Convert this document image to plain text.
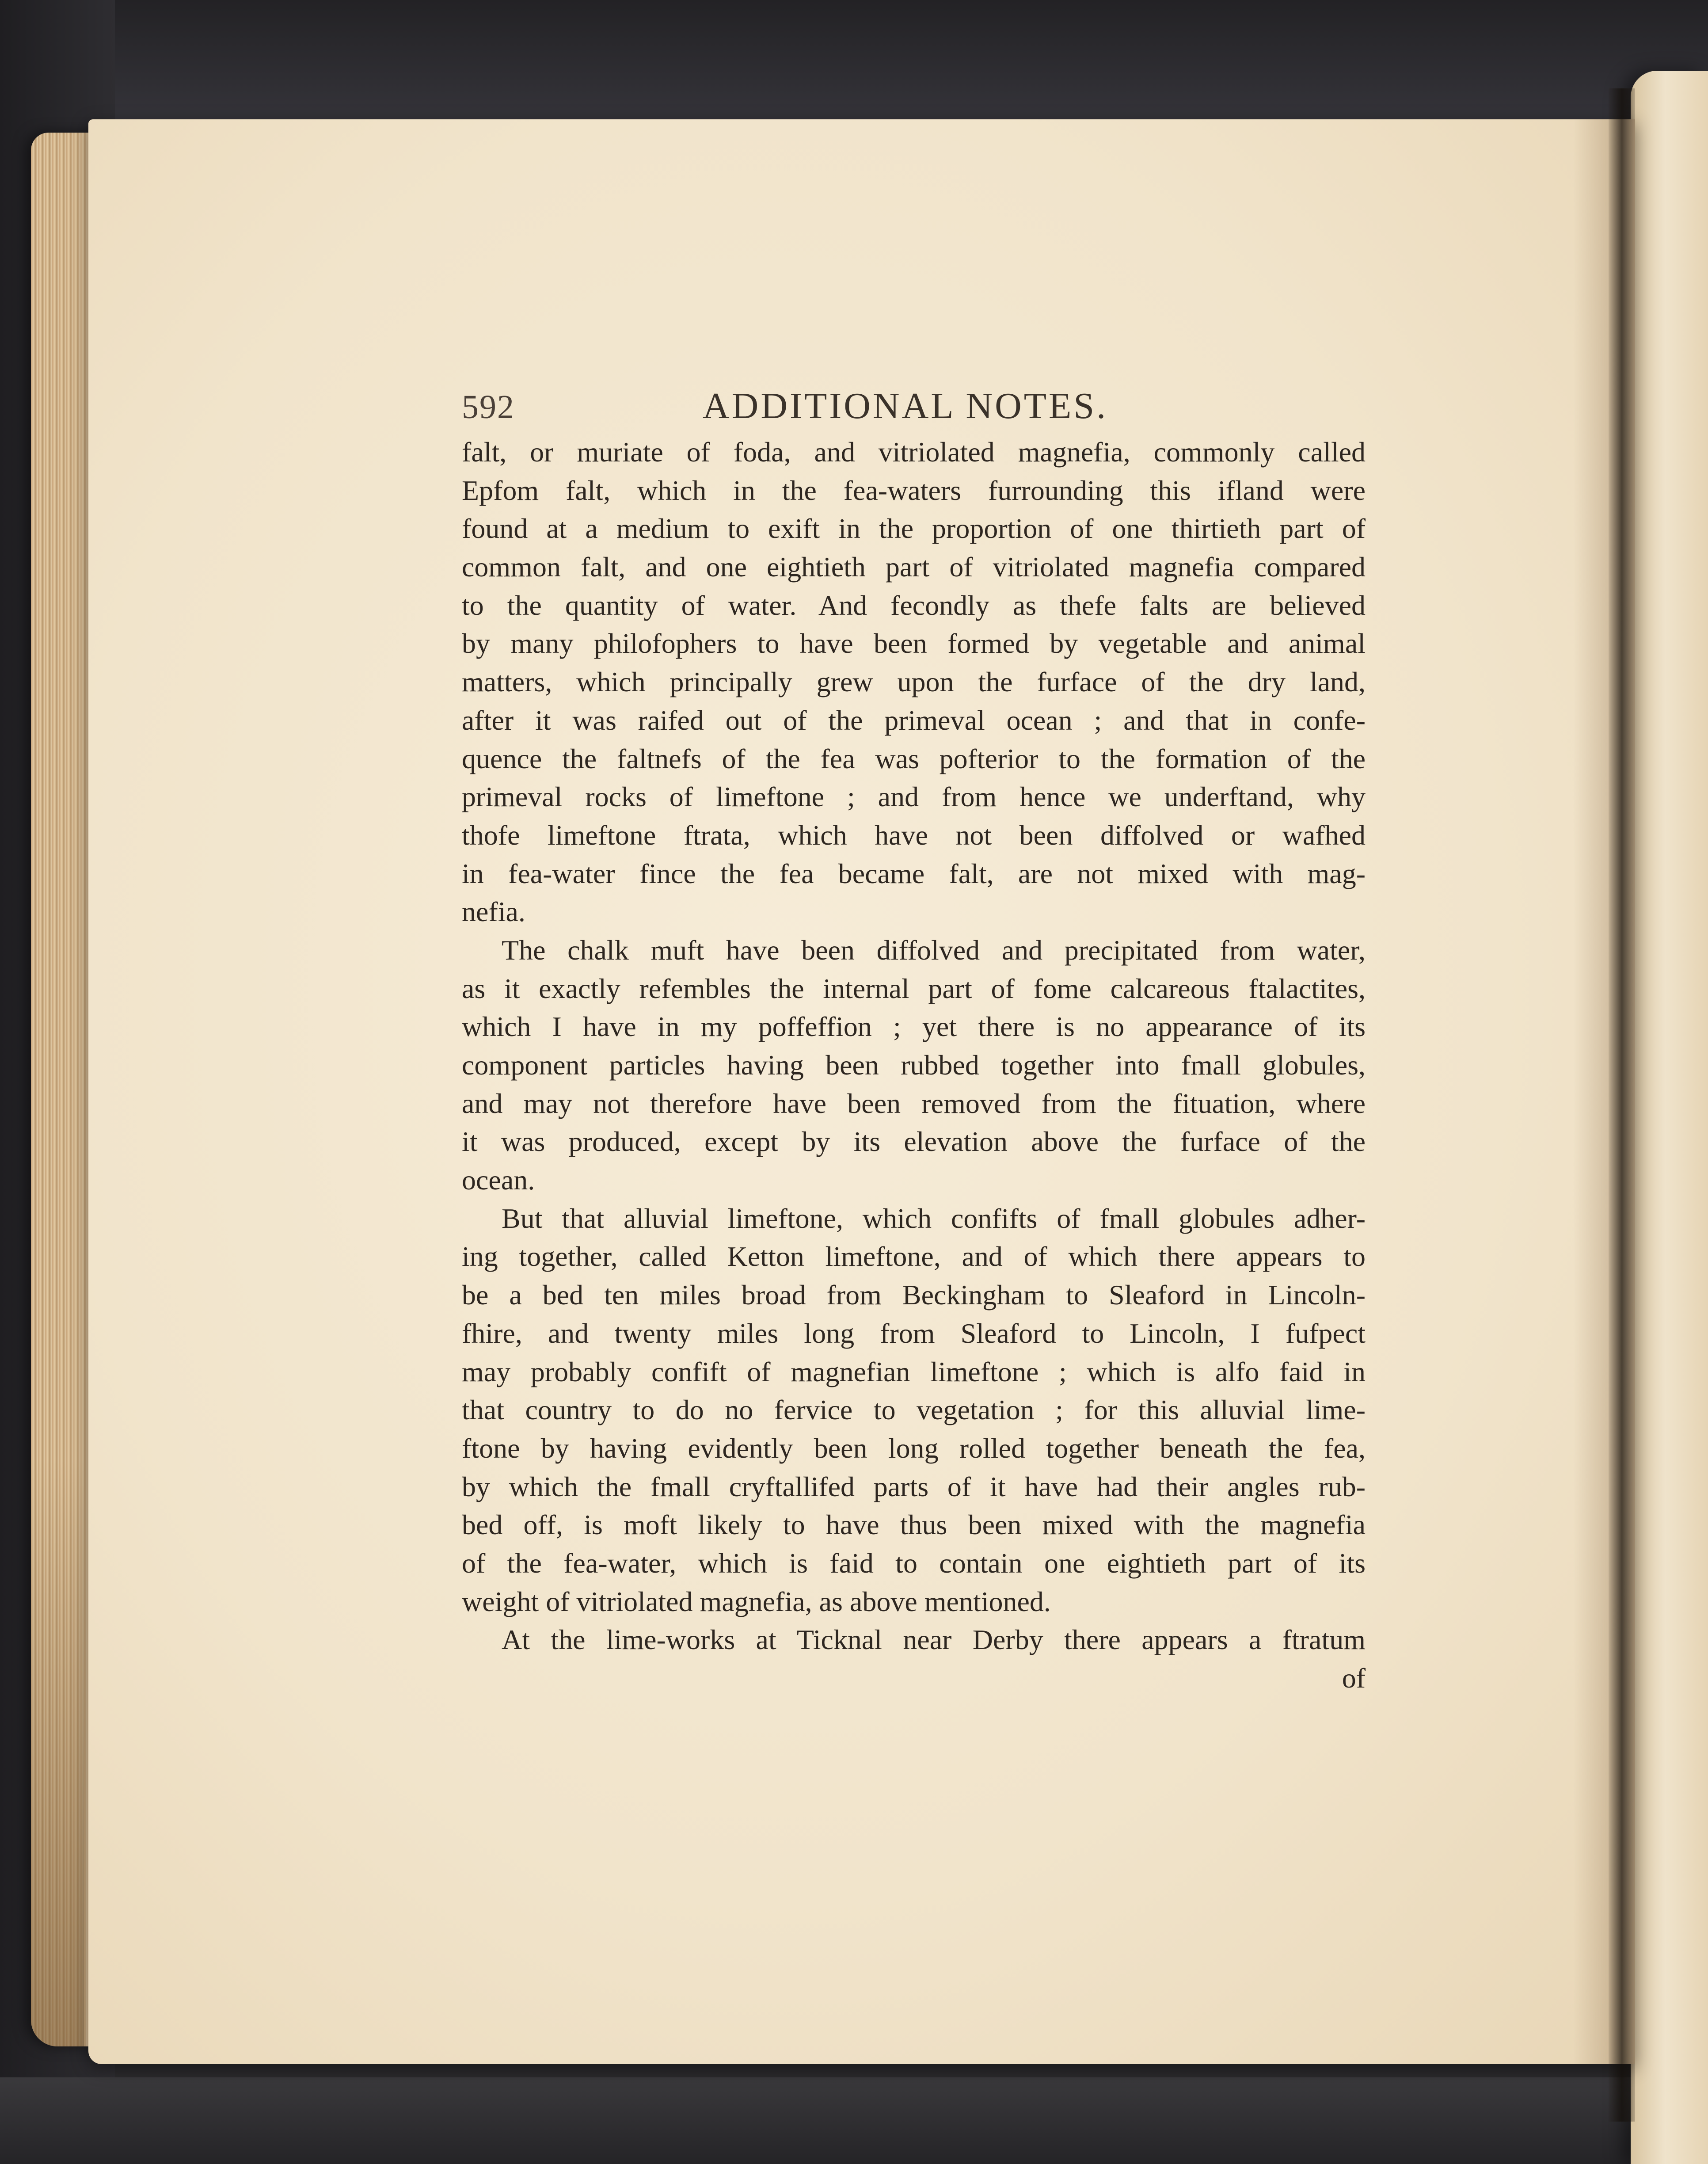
592	ADDITIONAL NOTES.
falt, or muriate of foda, and vitriolated magnefia, commonly called
Epfom falt, which in the fea-waters furrounding this ifland were
found at a medium to exift in the proportion of one thirtieth part of
common falt, and one eightieth part of vitriolated magnefia compared
to the quantity of water. And fecondly as thefe falts are believed
by many philofophers to have been formed by vegetable and animal
matters, which principally grew upon the furface of the dry land,
after it was raifed out of the primeval ocean ; and that in confe-
quence the faltnefs of the fea was pofterior to the formation of the
primeval rocks of limeftone ; and from hence we underftand, why
thofe limeftone ftrata, which have not been diffolved or wafhed
in fea-water fince the fea became falt, are not mixed with mag-
nefia.
The chalk muft have been diffolved and precipitated from water,
as it exactly refembles the internal part of fome calcareous ftalactites,
which I have in my poffeffion ; yet there is no appearance of its
component particles having been rubbed together into fmall globules,
and may not therefore have been removed from the fituation, where
it was produced, except by its elevation above the furface of the
ocean.
But that alluvial limeftone, which confifts of fmall globules adher-
ing together, called Ketton limeftone, and of which there appears to
be a bed ten miles broad from Beckingham to Sleaford in Lincoln-
fhire, and twenty miles long from Sleaford to Lincoln, I fufpect
may probably confift of magnefian limeftone ; which is alfo faid in
that country to do no fervice to vegetation ; for this alluvial lime-
ftone by having evidently been long rolled together beneath the fea,
by which the fmall cryftallifed parts of it have had their angles rub-
bed off, is moft likely to have thus been mixed with the magnefia
of the fea-water, which is faid to contain one eightieth part of its
weight of vitriolated magnefia, as above mentioned.
At the lime-works at Ticknal near Derby there appears a ftratum
of
